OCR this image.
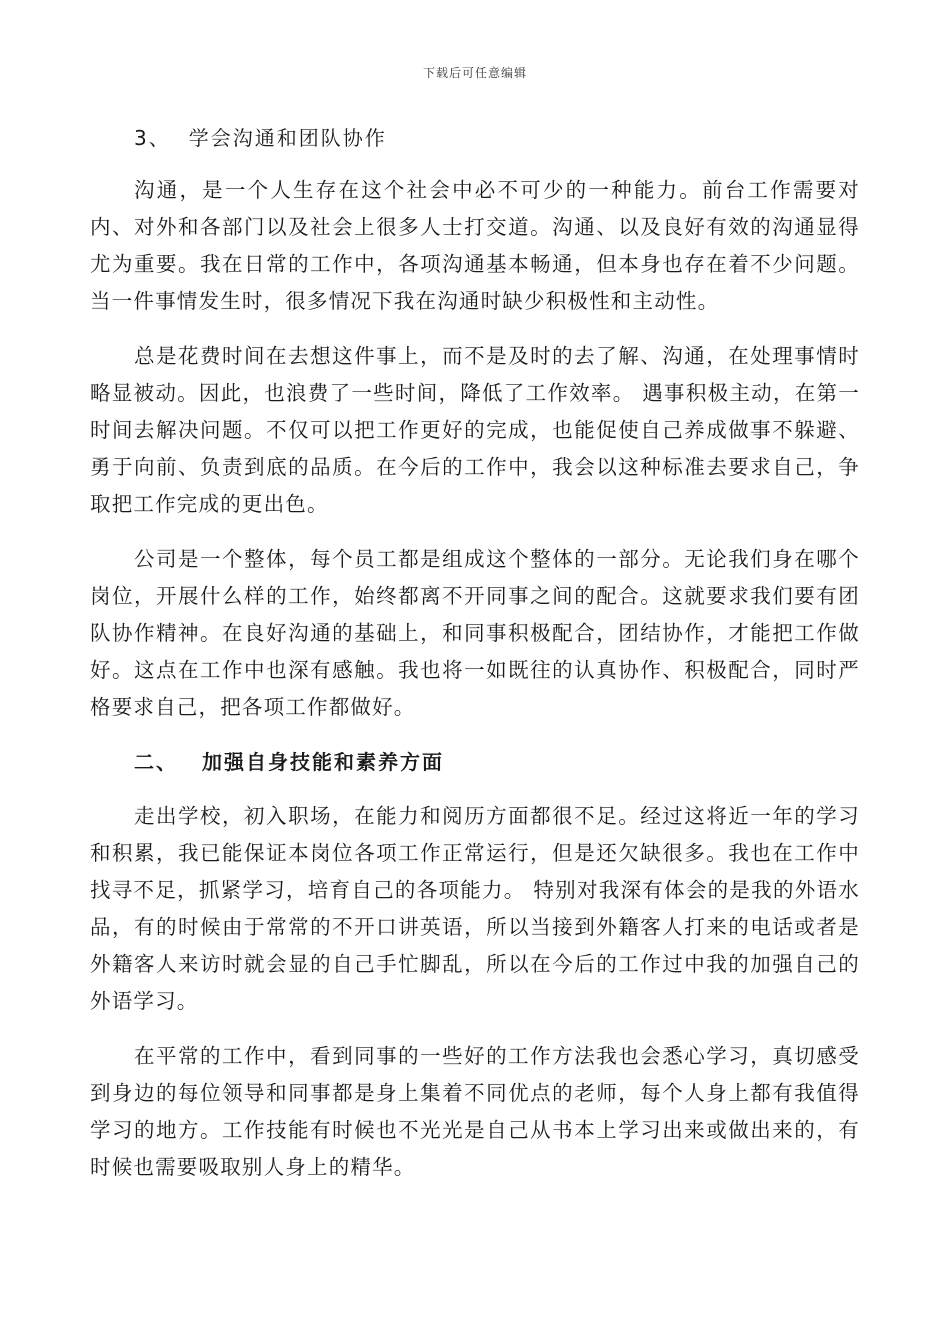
下载后可任意编辑
3、 学会沟通和团队协作

沟通，是一个人生存在这个社会中必不可少的一种能力。前台工作需要对内、对外和各部门以及社会上很多人士打交道。沟通、以及良好有效的沟通显得尤为重要。我在日常的工作中，各项沟通基本畅通，但本身也存在着不少问题。当一件事情发生时，很多情况下我在沟通时缺少积极性和主动性。

总是花费时间在去想这件事上，而不是及时的去了解、沟通，在处理事情时略显被动。因此，也浪费了一些时间，降低了工作效率。 遇事积极主动，在第一时间去解决问题。不仅可以把工作更好的完成，也能促使自己养成做事不躲避、勇于向前、负责到底的品质。在今后的工作中，我会以这种标准去要求自己，争取把工作完成的更出色。

公司是一个整体，每个员工都是组成这个整体的一部分。无论我们身在哪个岗位，开展什么样的工作，始终都离不开同事之间的配合。这就要求我们要有团队协作精神。在良好沟通的基础上，和同事积极配合，团结协作，才能把工作做好。这点在工作中也深有感触。我也将一如既往的认真协作、积极配合，同时严格要求自己，把各项工作都做好。

二、 加强自身技能和素养方面

走出学校，初入职场，在能力和阅历方面都很不足。经过这将近一年的学习和积累，我已能保证本岗位各项工作正常运行，但是还欠缺很多。我也在工作中找寻不足，抓紧学习，培育自己的各项能力。 特别对我深有体会的是我的外语水品，有的时候由于常常的不开口讲英语，所以当接到外籍客人打来的电话或者是外籍客人来访时就会显的自己手忙脚乱，所以在今后的工作过中我的加强自己的外语学习。

在平常的工作中，看到同事的一些好的工作方法我也会悉心学习，真切感受到身边的每位领导和同事都是身上集着不同优点的老师，每个人身上都有我值得学习的地方。工作技能有时候也不光光是自己从书本上学习出来或做出来的，有时候也需要吸取别人身上的精华。
